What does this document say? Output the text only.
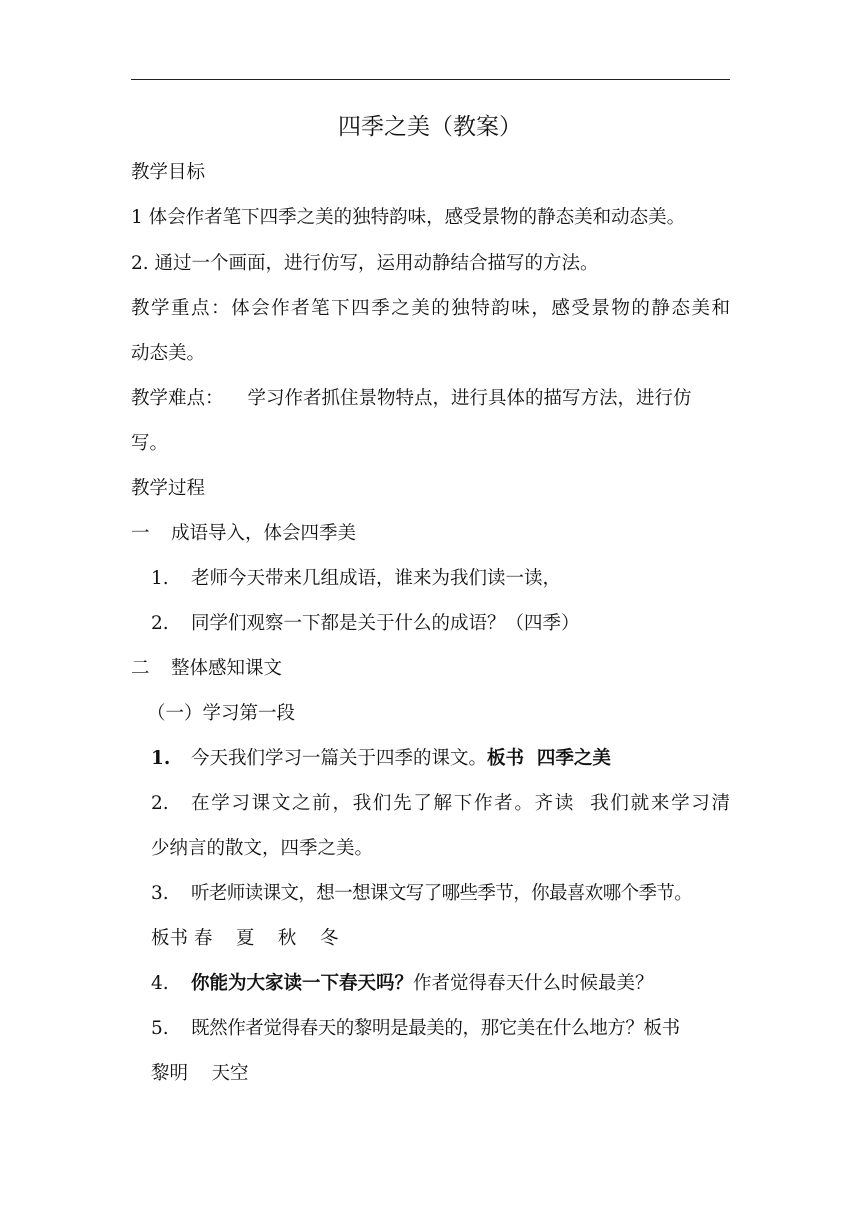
四季之美（教案）
教学目标
1 体会作者笔下四季之美的独特韵味，感受景物的静态美和动态美。
2. 通过一个画面，进行仿写，运用动静结合描写的方法。
教学重点：体会作者笔下四季之美的独特韵味，感受景物的静态美和
动态美。
教学难点： 学习作者抓住景物特点，进行具体的描写方法，进行仿
写。
教学过程
一 成语导入，体会四季美
1. 老师今天带来几组成语，谁来为我们读一读，
2. 同学们观察一下都是关于什么的成语？（四季）
二 整体感知课文
（一）学习第一段
1. 今天我们学习一篇关于四季的课文。板书  四季之美
2. 在学习课文之前，我们先了解下作者。齐读  我们就来学习清
少纳言的散文，四季之美。
3. 听老师读课文，想一想课文写了哪些季节，你最喜欢哪个季节。
板书 春    夏    秋    冬
4. 你能为大家读一下春天吗？作者觉得春天什么时候最美？
5. 既然作者觉得春天的黎明是最美的，那它美在什么地方？板书
黎明    天空
